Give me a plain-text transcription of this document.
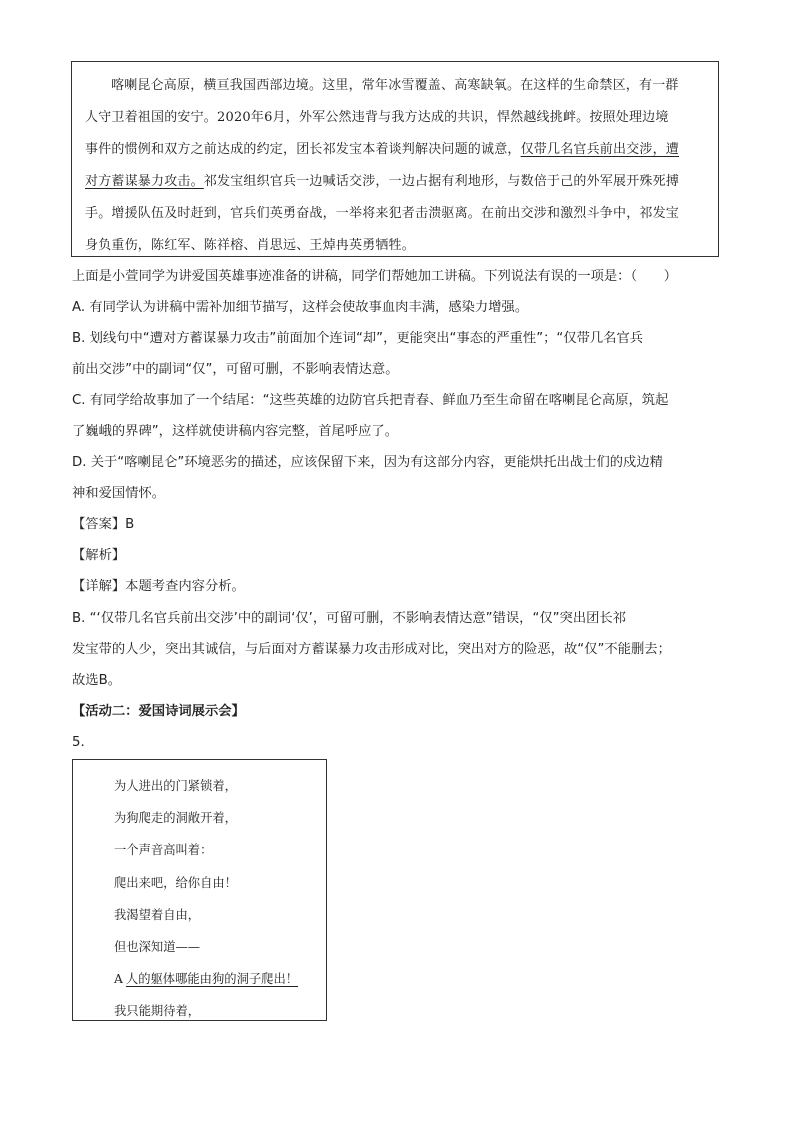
喀喇昆仑高原，横亘我国西部边境。这里，常年冰雪覆盖、高寒缺氧。在这样的生命禁区，有一群
人守卫着祖国的安宁。2020年6月，外军公然违背与我方达成的共识，悍然越线挑衅。按照处理边境
事件的惯例和双方之前达成的约定，团长祁发宝本着谈判解决问题的诚意，仅带几名官兵前出交涉，遭
对方蓄谋暴力攻击。祁发宝组织官兵一边喊话交涉，一边占据有利地形，与数倍于己的外军展开殊死搏
手。增援队伍及时赶到，官兵们英勇奋战，一举将来犯者击溃驱离。在前出交涉和激烈斗争中，祁发宝
身负重伤，陈红军、陈祥榕、肖思远、王焯冉英勇牺牲。
上面是小萱同学为讲爱国英雄事迹准备的讲稿，同学们帮她加工讲稿。下列说法有误的一项是：（　　）
A. 有同学认为讲稿中需补加细节描写，这样会使故事血肉丰满，感染力增强。
B. 划线句中“遭对方蓄谋暴力攻击”前面加个连词“却”，更能突出“事态的严重性”；“仅带几名官兵
前出交涉”中的副词“仅”，可留可删，不影响表情达意。
C. 有同学给故事加了一个结尾：“这些英雄的边防官兵把青春、鲜血乃至生命留在喀喇昆仑高原，筑起
了巍峨的界碑”，这样就使讲稿内容完整，首尾呼应了。
D. 关于“喀喇昆仑”环境恶劣的描述，应该保留下来，因为有这部分内容，更能烘托出战士们的戍边精
神和爱国情怀。
【答案】B
【解析】
【详解】本题考查内容分析。
B. “‘仅带几名官兵前出交涉’中的副词‘仅’，可留可删，不影响表情达意”错误，“仅”突出团长祁
发宝带的人少，突出其诚信，与后面对方蓄谋暴力攻击形成对比，突出对方的险恶，故“仅”不能删去；
故选B。
【活动二：爱国诗词展示会】
5.
为人进出的门紧锁着，
为狗爬走的洞敞开着，
一个声音高叫着：
爬出来吧，给你自由！
我渴望着自由，
但也深知道——
A 人的躯体哪能由狗的洞子爬出！
我只能期待着，
